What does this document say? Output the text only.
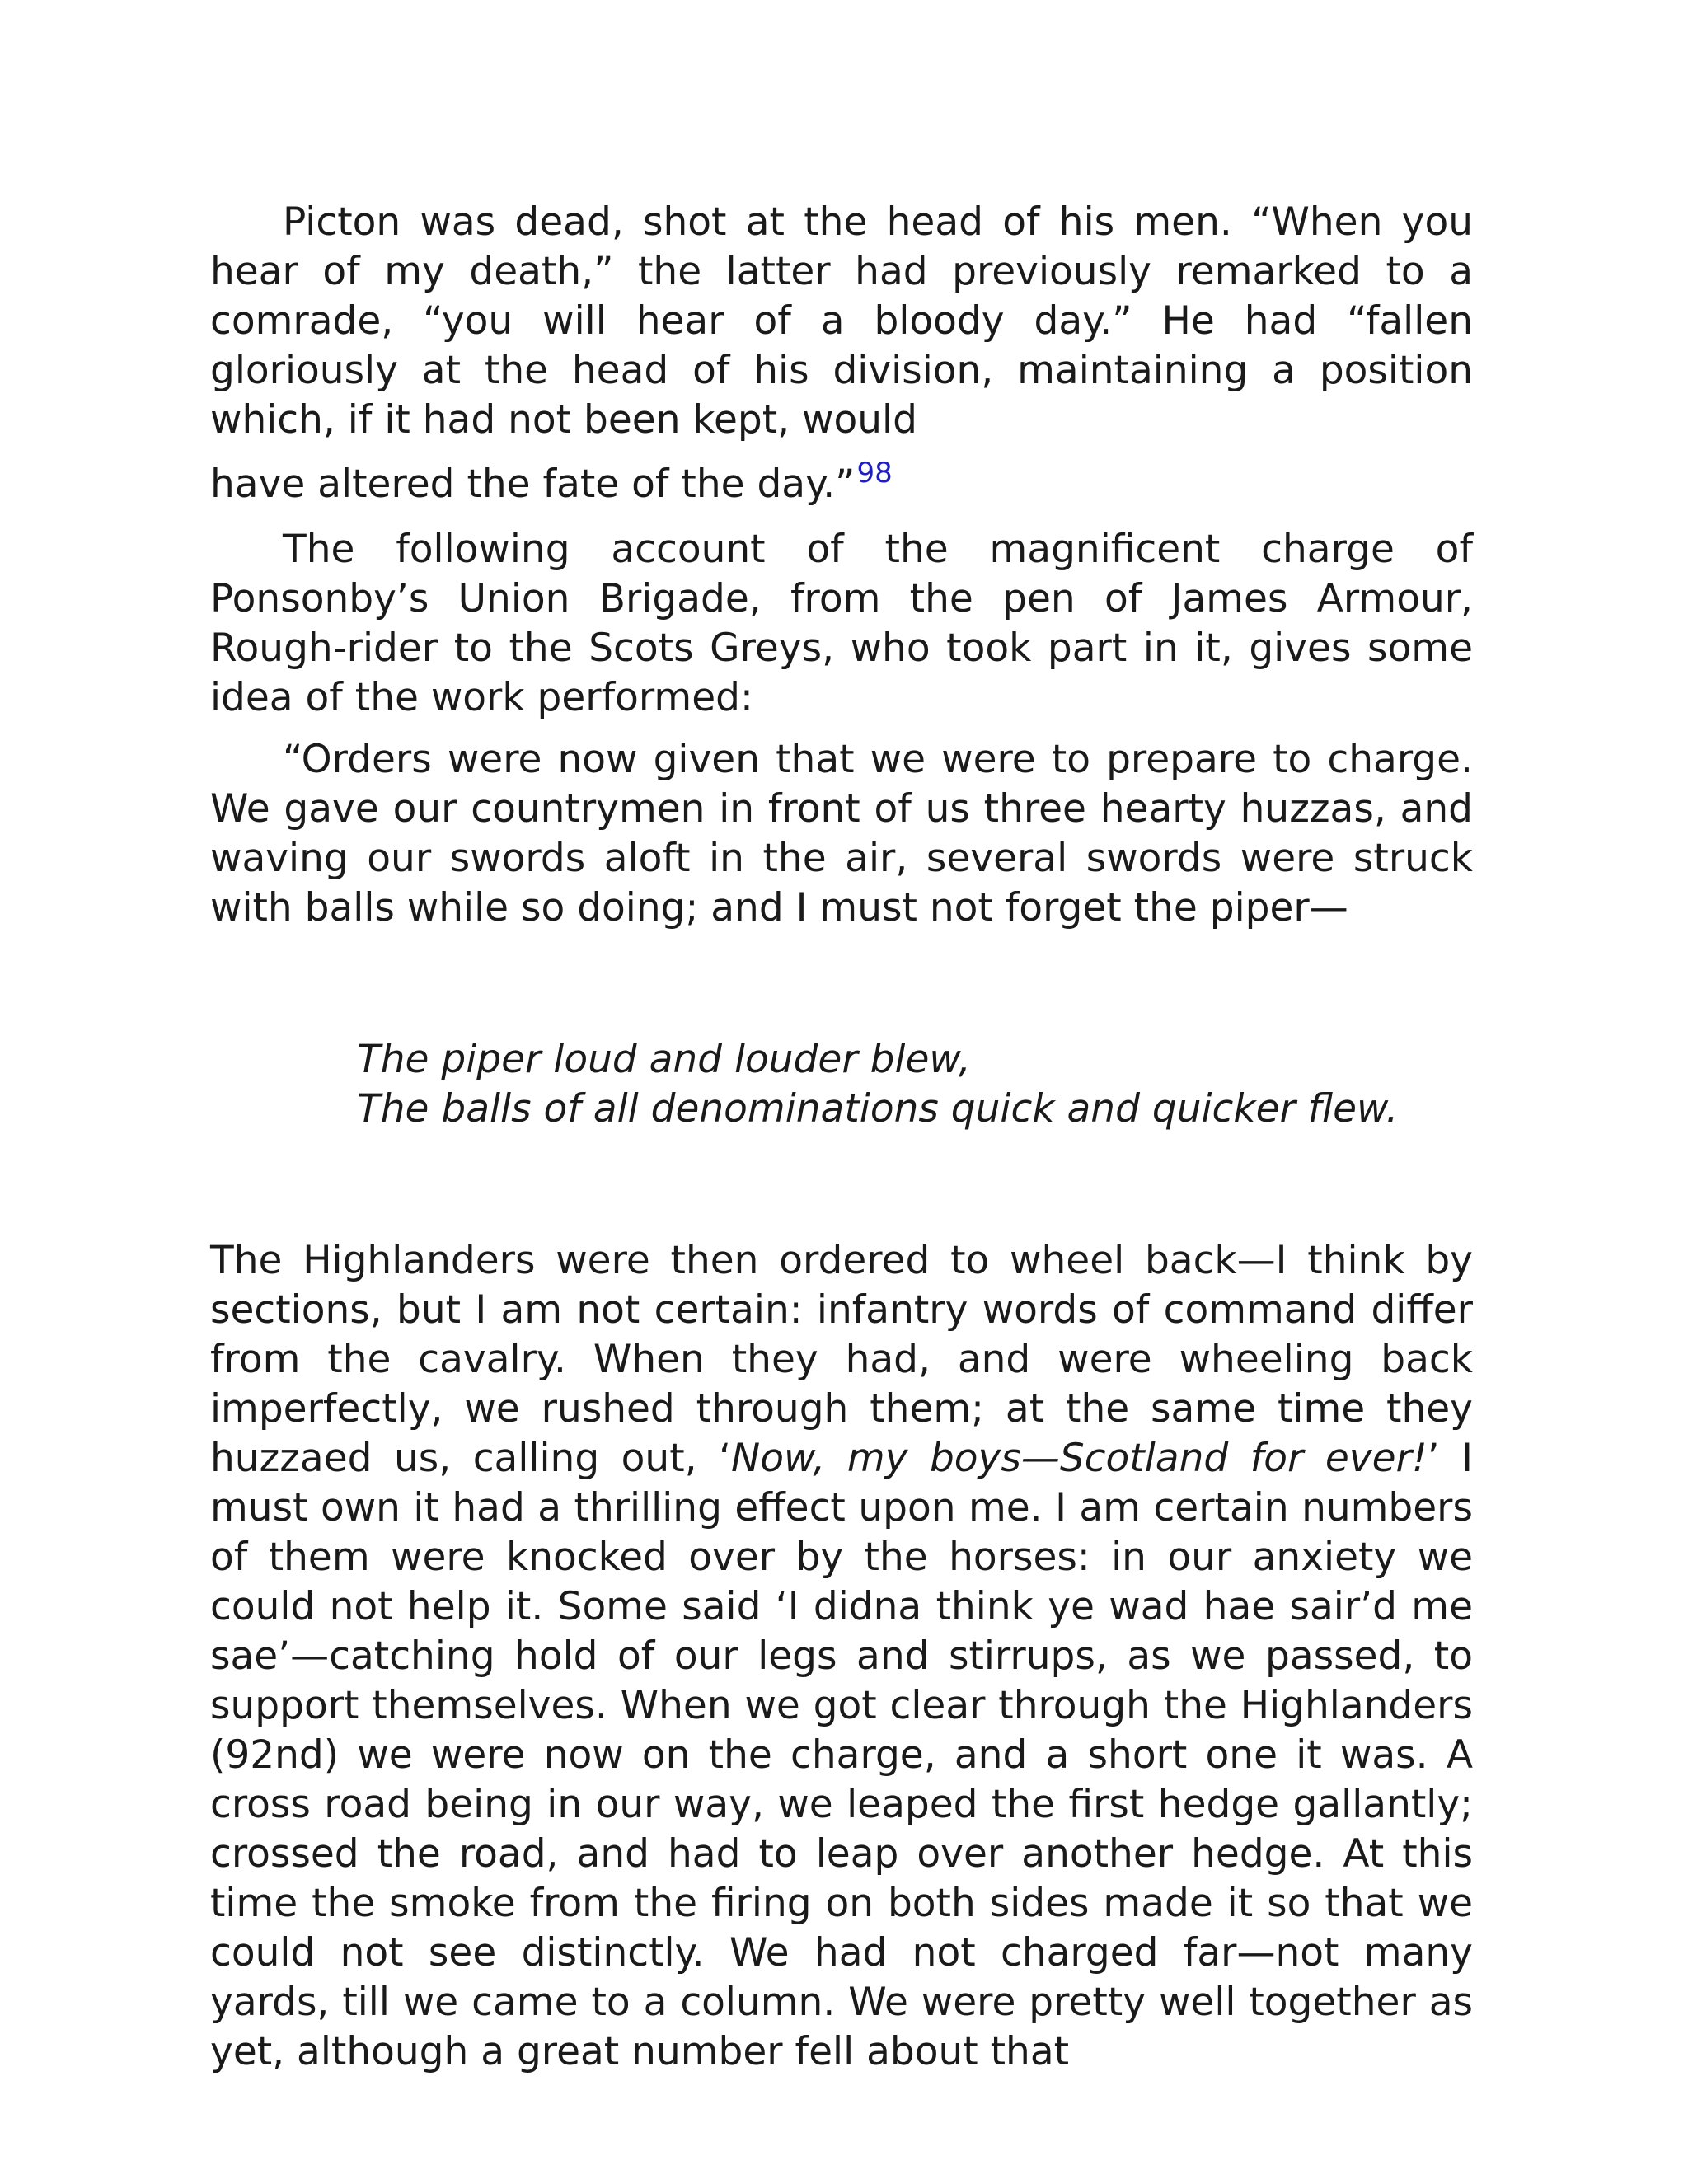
Picton was dead, shot at the head of his men. “When you hear of my death,” the latter had previously remarked to a comrade, “you will hear of a bloody day.” He had “fallen gloriously at the head of his division, maintaining a position which, if it had not been kept, would

have altered the fate of the day.”$^{98}$

The following account of the magnificent charge of Ponsonby’s Union Brigade, from the pen of James Armour, Rough-rider to the Scots Greys, who took part in it, gives some idea of the work performed:

“Orders were now given that we were to prepare to charge. We gave our countrymen in front of us three hearty huzzas, and waving our swords aloft in the air, several swords were struck with balls while so doing; and I must not forget the piper—

The piper loud and louder blew,
The balls of all denominations quick and quicker flew.

The Highlanders were then ordered to wheel back—I think by sections, but I am not certain: infantry words of command differ from the cavalry. When they had, and were wheeling back imperfectly, we rushed through them; at the same time they huzzaed us, calling out, ‘Now, my boys—Scotland for ever!’ I must own it had a thrilling effect upon me. I am certain numbers of them were knocked over by the horses: in our anxiety we could not help it. Some said ‘I didna think ye wad hae sair’d me sae’—catching hold of our legs and stirrups, as we passed, to support themselves. When we got clear through the Highlanders (92nd) we were now on the charge, and a short one it was. A cross road being in our way, we leaped the first hedge gallantly; crossed the road, and had to leap over another hedge. At this time the smoke from the firing on both sides made it so that we could not see distinctly. We had not charged far—not many yards, till we came to a column. We were pretty well together as yet, although a great number fell about that
